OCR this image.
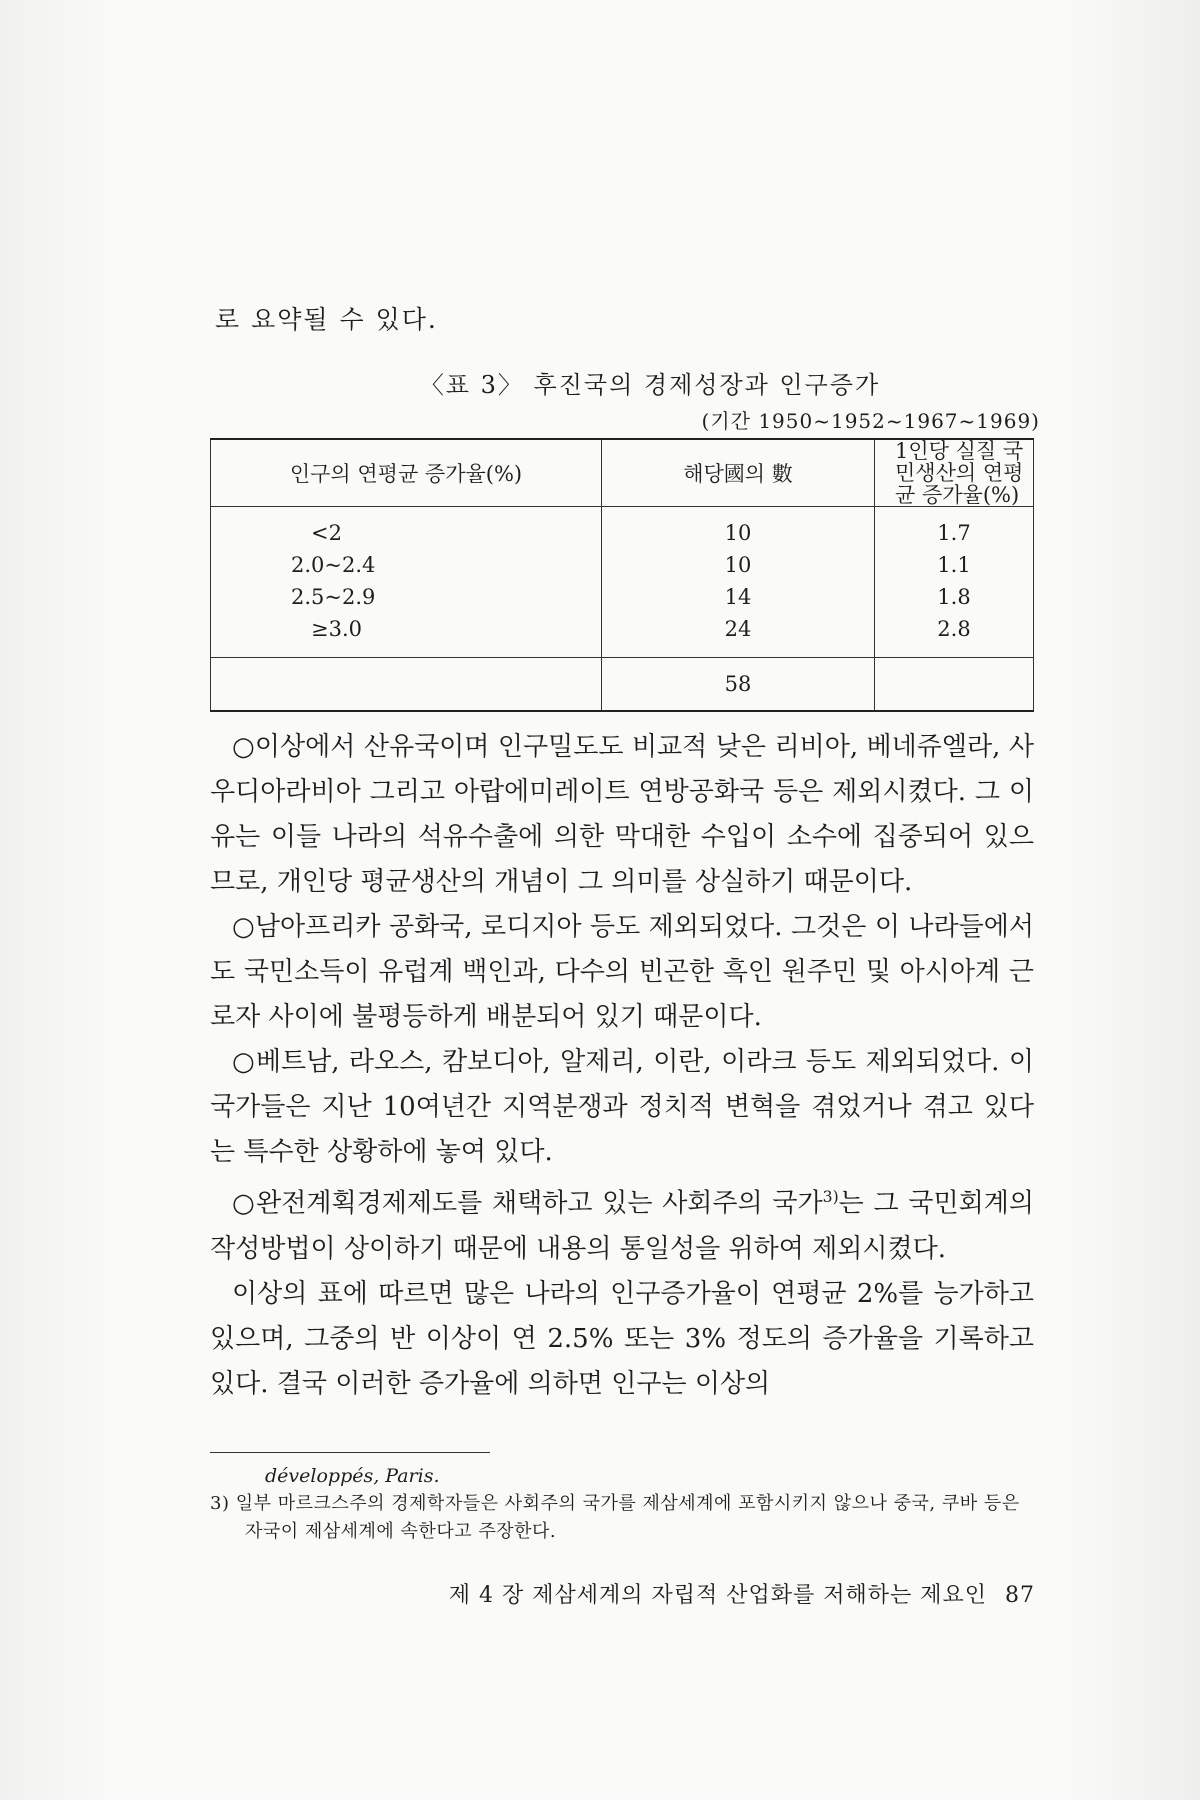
로 요약될 수 있다.
〈표 3〉 후진국의 경제성장과 인구증가
(기간 1950~1952~1967~1969)
인구의 연평균 증가율(%)	해당國의 數	1인당 실질 국민생산의 연평균 증가율(%)
<2	10	1.7
2.0~2.4	10	1.1
2.5~2.9	14	1.8
≥3.0	24	2.8
	58	

○이상에서 산유국이며 인구밀도도 비교적 낮은 리비아, 베네쥬엘라, 사우디아라비아 그리고 아랍에미레이트 연방공화국 등은 제외시켰다. 그 이유는 이들 나라의 석유수출에 의한 막대한 수입이 소수에 집중되어 있으므로, 개인당 평균생산의 개념이 그 의미를 상실하기 때문이다.

○남아프리카 공화국, 로디지아 등도 제외되었다. 그것은 이 나라들에서도 국민소득이 유럽계 백인과, 다수의 빈곤한 흑인 원주민 및 아시아계 근로자 사이에 불평등하게 배분되어 있기 때문이다.

○베트남, 라오스, 캄보디아, 알제리, 이란, 이라크 등도 제외되었다. 이 국가들은 지난 10여년간 지역분쟁과 정치적 변혁을 겪었거나 겪고 있다는 특수한 상황하에 놓여 있다.

○완전계획경제제도를 채택하고 있는 사회주의 국가$^{3)}$는 그 국민회계의 작성방법이 상이하기 때문에 내용의 통일성을 위하여 제외시켰다.

이상의 표에 따르면 많은 나라의 인구증가율이 연평균 2%를 능가하고 있으며, 그중의 반 이상이 연 2.5% 또는 3% 정도의 증가율을 기록하고 있다. 결국 이러한 증가율에 의하면 인구는 이상의

développés, Paris.
3) 일부 마르크스주의 경제학자들은 사회주의 국가를 제삼세계에 포함시키지 않으나 중국, 쿠바 등은 자국이 제삼세계에 속한다고 주장한다.
제 4 장 제삼세계의 자립적 산업화를 저해하는 제요인 87
